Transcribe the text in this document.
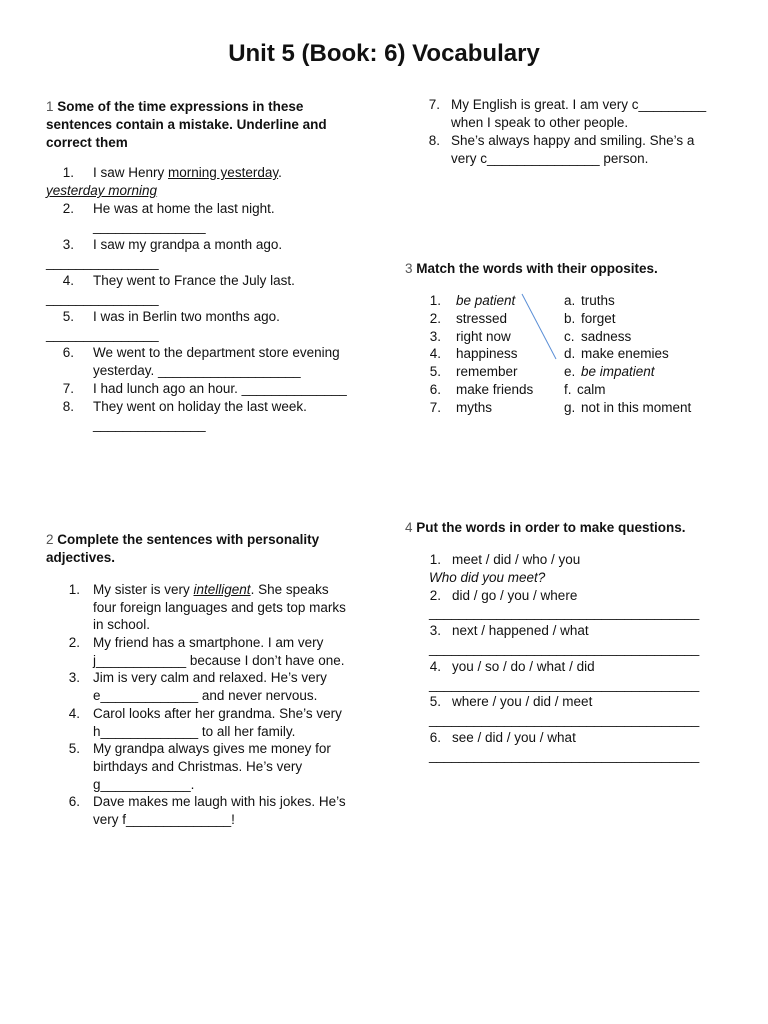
Unit 5 (Book: 6) Vocabulary

1 Some of the time expressions in these sentences contain a mistake. Underline and correct them

1. I saw Henry morning yesterday.
yesterday morning
2. He was at home the last night.
_______________
3. I saw my grandpa a month ago.
_______________
4. They went to France the July last.
_______________
5. I was in Berlin two months ago.
_______________
6. We went to the department store evening
yesterday. ___________________
7. I had lunch ago an hour. ______________
8. They went on holiday the last week.
_______________
7. My English is great. I am very c_________
when I speak to other people.
8. She’s always happy and smiling. She’s a
very c_______________ person.

3 Match the words with their opposites.

1. be patient	a. truths
2. stressed	b. forget
3. right now	c. sadness
4. happiness	d. make enemies
5. remember	e. be impatient
6. make friends f. calm
7. myths	g. not in this moment

2 Complete the sentences with personality adjectives.

1. My sister is very intelligent. She speaks
four foreign languages and gets top marks
in school.
2. My friend has a smartphone. I am very
j____________ because I don’t have one.
3. Jim is very calm and relaxed. He’s very
e_____________ and never nervous.
4. Carol looks after her grandma. She’s very
h_____________ to all her family.
5. My grandpa always gives me money for
birthdays and Christmas. He’s very
g____________.
6. Dave makes me laugh with his jokes. He’s
very f______________!

4 Put the words in order to make questions.

1. meet / did / who / you
Who did you meet?
2. did / go / you / where
____________________________________
3. next / happened / what
____________________________________
4. you / so / do / what / did
____________________________________
5. where / you / did / meet
____________________________________
6. see / did / you / what
____________________________________
